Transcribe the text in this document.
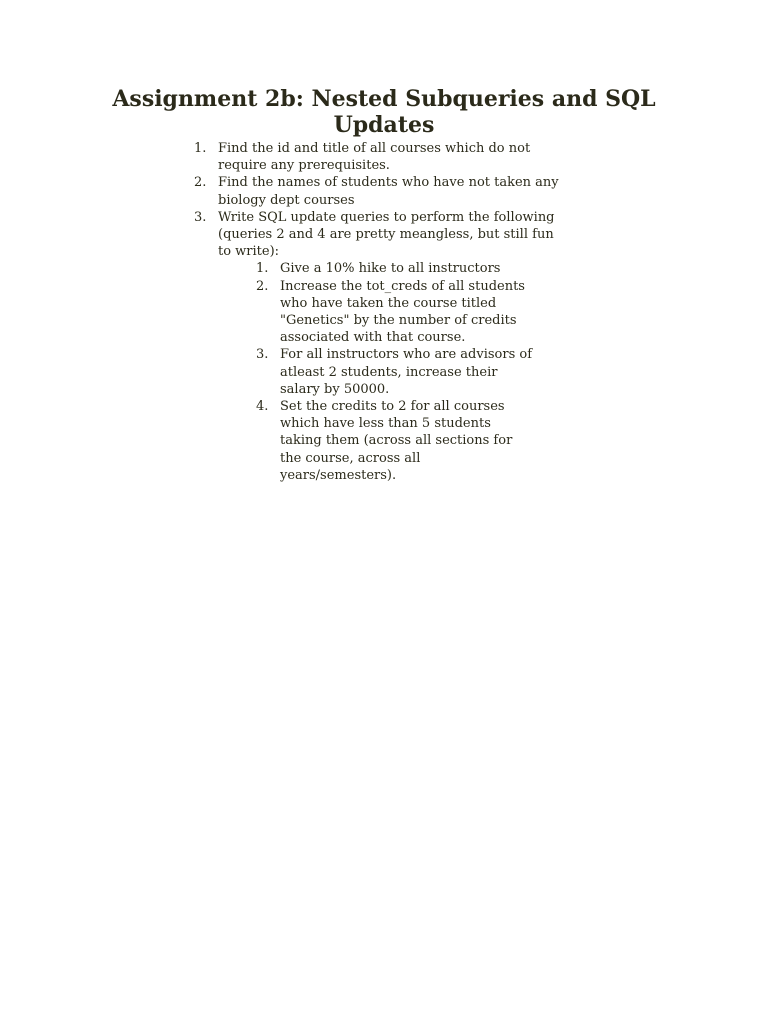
Assignment 2b: Nested Subqueries and SQL Updates
1. Find the id and title of all courses which do not require any prerequisites.
2. Find the names of students who have not taken any biology dept courses
3. Write SQL update queries to perform the following (queries 2 and 4 are pretty meangless, but still fun to write):
1. Give a 10% hike to all instructors
2. Increase the tot_creds of all students who have taken the course titled "Genetics" by the number of credits associated with that course.
3. For all instructors who are advisors of atleast 2 students, increase their salary by 50000.
4. Set the credits to 2 for all courses which have less than 5 students taking them (across all sections for the course, across all years/semesters).
